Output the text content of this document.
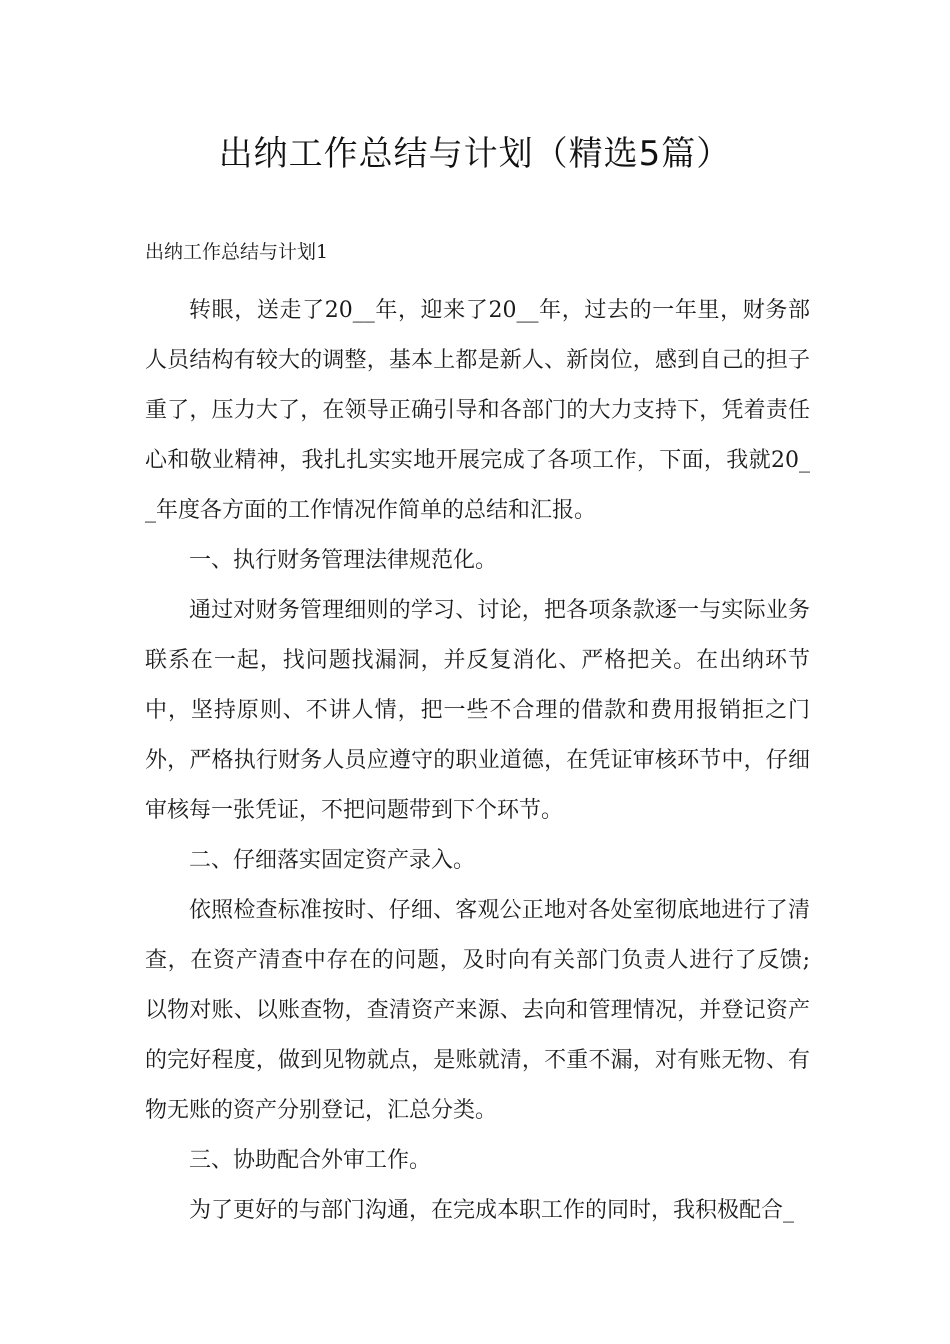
出纳工作总结与计划（精选5篇）
出纳工作总结与计划1

转眼，送走了20__年，迎来了20__年，过去的一年里，财务部人员结构有较大的调整，基本上都是新人、新岗位，感到自己的担子重了，压力大了，在领导正确引导和各部门的大力支持下，凭着责任心和敬业精神，我扎扎实实地开展完成了各项工作，下面，我就20__年度各方面的工作情况作简单的总结和汇报。

一、执行财务管理法律规范化。

通过对财务管理细则的学习、讨论，把各项条款逐一与实际业务联系在一起，找问题找漏洞，并反复消化、严格把关。在出纳环节中，坚持原则、不讲人情，把一些不合理的借款和费用报销拒之门外，严格执行财务人员应遵守的职业道德，在凭证审核环节中，仔细审核每一张凭证，不把问题带到下个环节。

二、仔细落实固定资产录入。

依照检查标准按时、仔细、客观公正地对各处室彻底地进行了清查，在资产清查中存在的问题，及时向有关部门负责人进行了反馈;以物对账、以账查物，查清资产来源、去向和管理情况，并登记资产的完好程度，做到见物就点，是账就清，不重不漏，对有账无物、有物无账的资产分别登记，汇总分类。

三、协助配合外审工作。

为了更好的与部门沟通，在完成本职工作的同时，我积极配合_
